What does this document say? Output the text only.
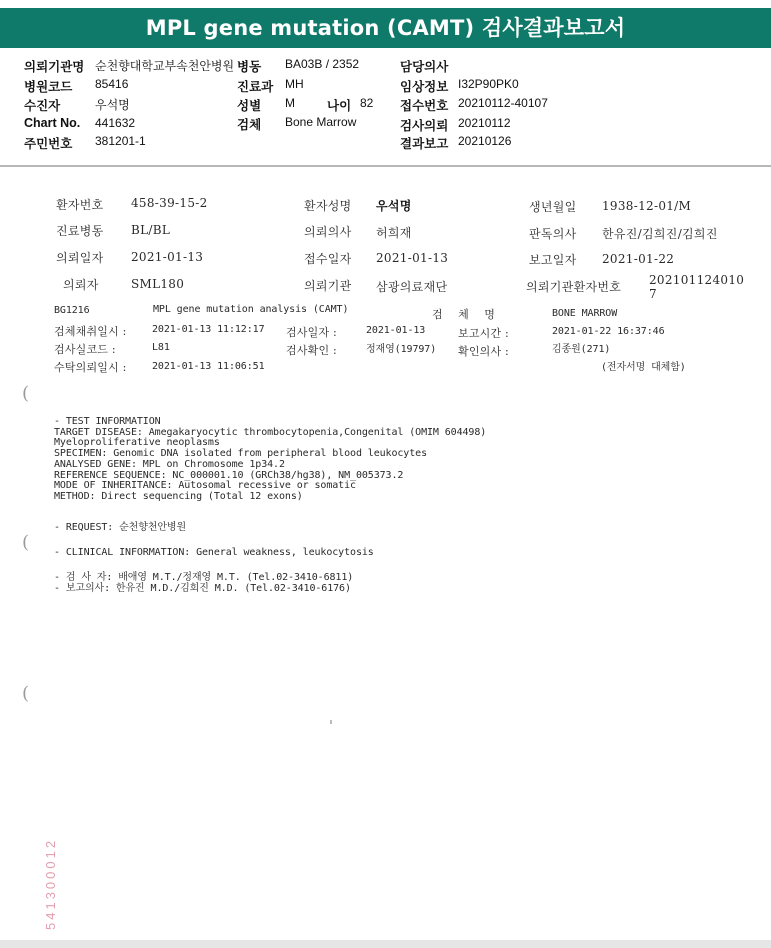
MPL gene mutation (CAMT) 검사결과보고서
의뢰기관명 순천향대학교부속천안병원 병동 BA03B / 2352	담당의사
병원코드 85416	진료과 MH	임상정보 I32P90PK0
수진자	우석명	성별 M	나이 82 접수번호 20210112-40107
Chart No. 441632	검체 Bone Marrow	검사의뢰 20210112
주민번호 381201-1	결과보고 20210126
환자번호 458-39-15-2	환자성명 우석명	생년월일 1938-12-01/M
진료병동 BL/BL	의뢰의사 허희재	판독의사 한유진/김희진/김희진
의뢰일자 2021-01-13	접수일자 2021-01-13	보고일자 2021-01-22
의뢰자	SML180	의뢰기관 삼광의료재단	의뢰기관환자번호 202101124010
7
BG1216	MPL gene mutation analysis (CAMT)	검 체 명	BONE MARROW
검체채취일시 :	2021-01-13 11:12:17 검사일자 :	2021-01-13	보고시간 :	2021-01-22 16:37:46
검사실코드 :	L81	검사확인 :	정재영(19797) 확인의사 :	김종원(271)
수탁의뢰일시 :	2021-01-13 11:06:51	(전자서명 대체함)
(
(
(
- TEST INFORMATION
TARGET DISEASE: Amegakaryocytic thrombocytopenia,Congenital (OMIM 604498)
Myeloproliferative neoplasms
SPECIMEN: Genomic DNA isolated from peripheral blood leukocytes
ANALYSED GENE: MPL on Chromosome 1p34.2
REFERENCE SEQUENCE: NC_000001.10 (GRCh38/hg38), NM_005373.2
MODE OF INHERITANCE: Autosomal recessive or somatic
METHOD: Direct sequencing (Total 12 exons)
- REQUEST: 순천향천안병원
- CLINICAL INFORMATION: General weakness, leukocytosis
- 검 사 자: 배애영 M.T./정재영 M.T. (Tel.02-3410-6811)
- 보고의사: 한유진 M.D./김희진 M.D. (Tel.02-3410-6176)
541300012
